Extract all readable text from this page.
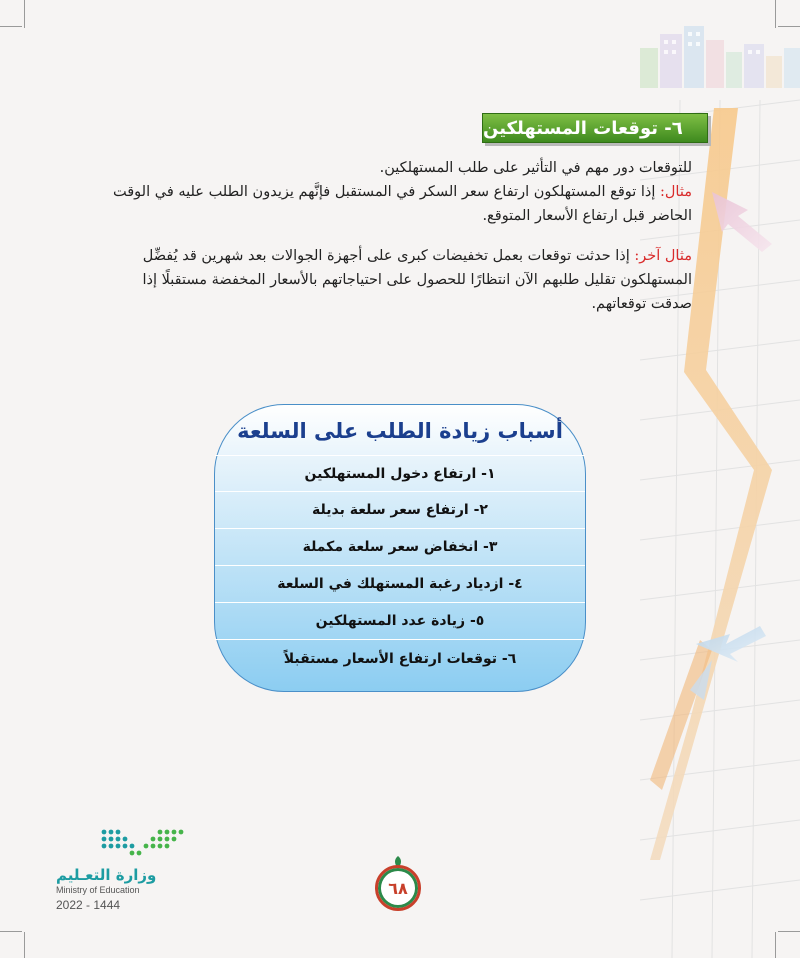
٦- توقعات المستهلكين
للتوقعات دور مهم في التأثير على طلب المستهلكين.
مثال: إذا توقع المستهلكون ارتفاع سعر السكر في المستقبل فإنَّهم يزيدون الطلب عليه في الوقت الحاضر قبل ارتفاع الأسعار المتوقع.
مثال آخر: إذا حدثت توقعات بعمل تخفيضات كبرى على أجهزة الجوالات بعد شهرين قد يُفضِّل المستهلكون تقليل طلبهم الآن انتظارًا للحصول على احتياجاتهم بالأسعار المخفضة مستقبلًا إذا صدقت توقعاتهم.
أسباب زيادة الطلب على السلعة
١- ارتفاع دخول المستهلكين
٢- ارتفاع سعر سلعة بديلة
٣- انخفاض سعر سلعة مكملة
٤- ازدياد رغبة المستهلك في السلعة
٥- زيادة عدد المستهلكين
٦- توقعات ارتفاع الأسعار مستقبلاً
وزارة التعـليم
Ministry of Education
2022 - 1444
٦٨
